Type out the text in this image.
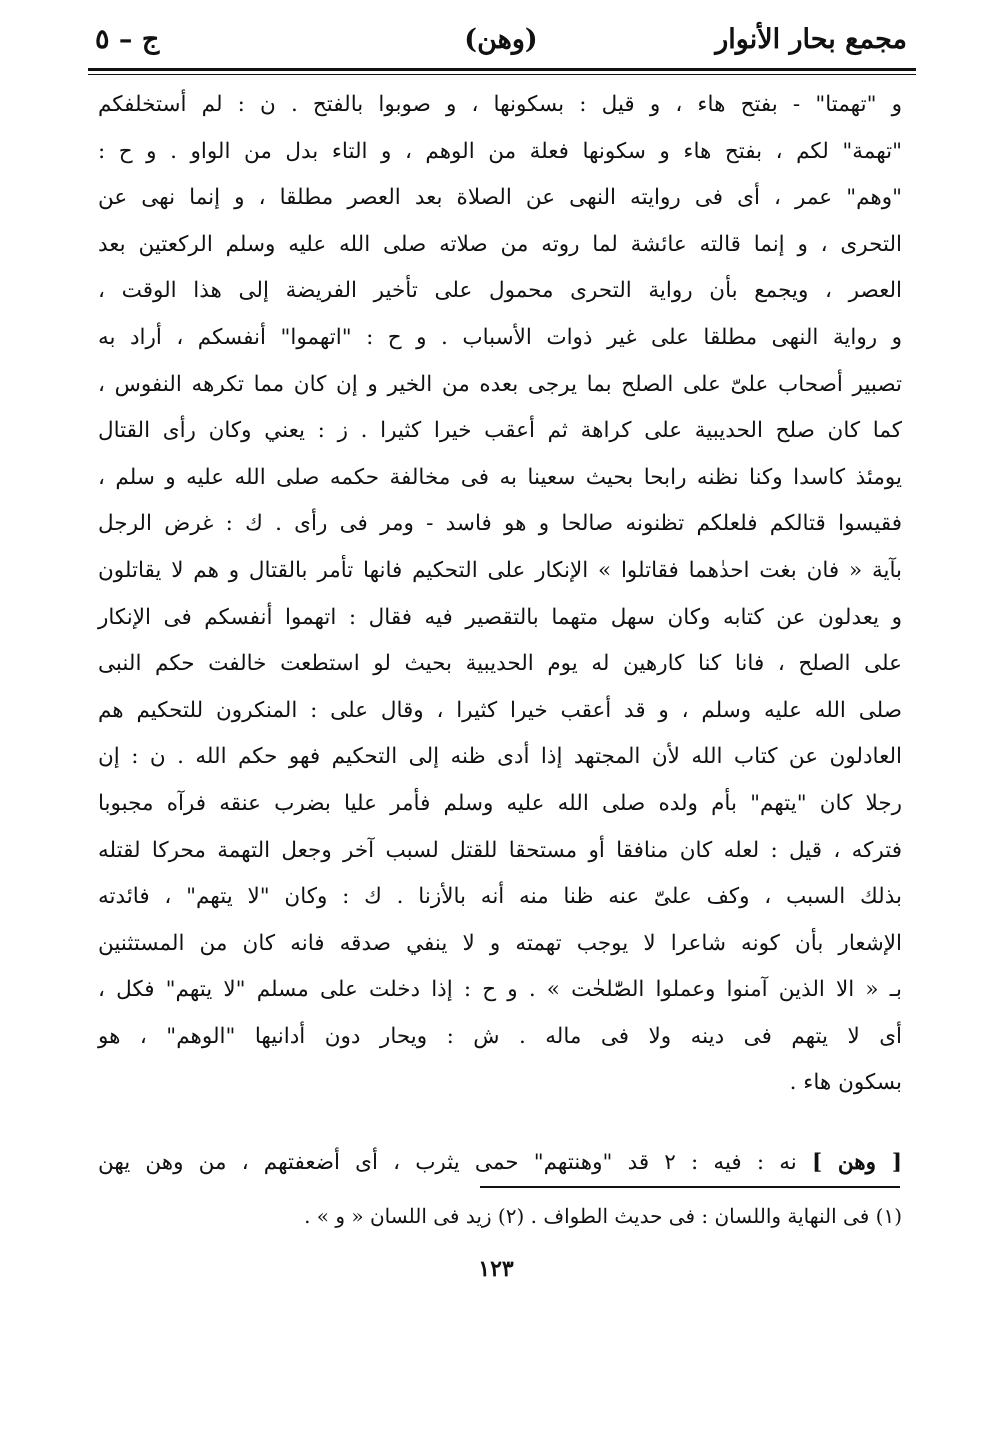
مجمع بحار الأنوار
(وهن)
ج – ٥

و "تهمتا" - بفتح هاء ، و قيل : بسكونها ، و صوبوا بالفتح . ن : لم أستخلفكم

"تهمة" لكم ، بفتح هاء و سكونها فعلة من الوهم ، و التاء بدل من الواو . و ح :

"وهم" عمر ، أى فى روايته النهى عن الصلاة بعد العصر مطلقا ، و إنما نهى عن

التحرى ، و إنما قالته عائشة لما روته من صلاته صلى الله عليه وسلم الركعتين بعد

العصر ، ويجمع بأن رواية التحرى محمول على تأخير الفريضة إلى هذا الوقت ،

و رواية النهى مطلقا على غير ذوات الأسباب . و ح : "اتهموا" أنفسكم ، أراد به

تصبير أصحاب علىّ على الصلح بما يرجى بعده من الخير و إن كان مما تكرهه النفوس ،

كما كان صلح الحديبية على كراهة ثم أعقب خيرا كثيرا . ز : يعني وكان رأى القتال

يومئذ كاسدا وكنا نظنه رابحا بحيث سعينا به فى مخالفة حكمه صلى الله عليه و سلم ،

فقيسوا قتالكم فلعلكم تظنونه صالحا و هو فاسد - ومر فى رأى . ك : غرض الرجل

بآية « فان بغت احدٰهما فقاتلوا » الإنكار على التحكيم فانها تأمر بالقتال و هم لا يقاتلون

و يعدلون عن كتابه وكان سهل متهما بالتقصير فيه فقال : اتهموا أنفسكم فى الإنكار

على الصلح ، فانا كنا كارهين له يوم الحديبية بحيث لو استطعت خالفت حكم النبى

صلى الله عليه وسلم ، و قد أعقب خيرا كثيرا ، وقال على : المنكرون للتحكيم هم

العادلون عن كتاب الله لأن المجتهد إذا أدى ظنه إلى التحكيم فهو حكم الله . ن : إن

رجلا كان "يتهم" بأم ولده صلى الله عليه وسلم فأمر عليا بضرب عنقه فرآه مجبوبا

فتركه ، قيل : لعله كان منافقا أو مستحقا للقتل لسبب آخر وجعل التهمة محركا لقتله

بذلك السبب ، وكف علىّ عنه ظنا منه أنه بالأزنا . ك : وكان "لا يتهم" ، فائدته

الإشعار بأن كونه شاعرا لا يوجب تهمته و لا ينفي صدقه فانه كان من المستثنين

بـ « الا الذين آمنوا وعملوا الصّٰلحٰت » . و ح : إذا دخلت على مسلم "لا يتهم" فكل ،

أى لا يتهم فى دينه ولا فى ماله . ش : ويحار دون أدانيها "الوهم" ، هو

بسكون هاء .

[ وهن ] نه : فيه : ٢ قد "وهنتهم" حمى يثرب ، أى أضعفتهم ، من وهن يهن
(١) فى النهاية واللسان : فى حديث الطواف . (٢) زيد فى اللسان « و » .
١٢٣
